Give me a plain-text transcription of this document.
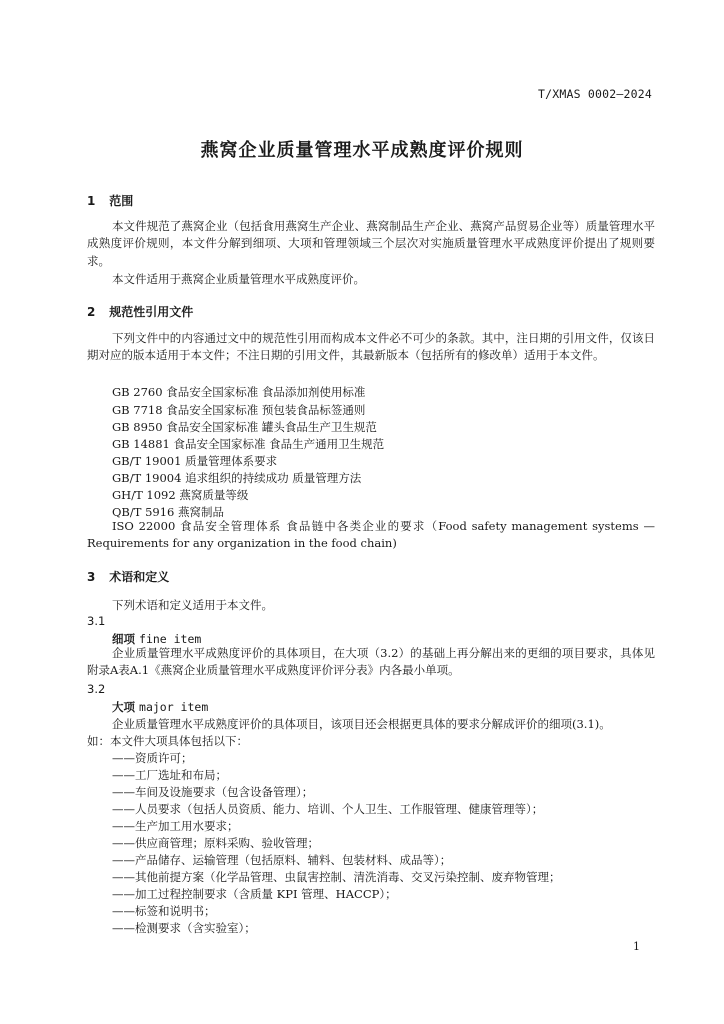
T/XMAS 0002—2024
燕窝企业质量管理水平成熟度评价规则
1 范围
本文件规范了燕窝企业（包括食用燕窝生产企业、燕窝制品生产企业、燕窝产品贸易企业等）质量管理水平成熟度评价规则，本文件分解到细项、大项和管理领域三个层次对实施质量管理水平成熟度评价提出了规则要求。
本文件适用于燕窝企业质量管理水平成熟度评价。
2 规范性引用文件
下列文件中的内容通过文中的规范性引用而构成本文件必不可少的条款。其中，注日期的引用文件，仅该日期对应的版本适用于本文件；不注日期的引用文件，其最新版本（包括所有的修改单）适用于本文件。
GB 2760 食品安全国家标准 食品添加剂使用标准
GB 7718 食品安全国家标准 预包装食品标签通则
GB 8950 食品安全国家标准 罐头食品生产卫生规范
GB 14881 食品安全国家标准 食品生产通用卫生规范
GB/T 19001 质量管理体系要求
GB/T 19004 追求组织的持续成功 质量管理方法
GH/T 1092 燕窝质量等级
QB/T 5916 燕窝制品
ISO 22000 食品安全管理体系 食品链中各类企业的要求（Food safety management systems — Requirements for any organization in the food chain)
3 术语和定义
下列术语和定义适用于本文件。
3.1
细项 fine item
企业质量管理水平成熟度评价的具体项目，在大项（3.2）的基础上再分解出来的更细的项目要求，具体见附录A表A.1《燕窝企业质量管理水平成熟度评价评分表》内各最小单项。
3.2
大项 major item
企业质量管理水平成熟度评价的具体项目，该项目还会根据更具体的要求分解成评价的细项(3.1)。
如：本文件大项具体包括以下：
——资质许可；
——工厂选址和布局；
——车间及设施要求（包含设备管理）；
——人员要求（包括人员资质、能力、培训、个人卫生、工作服管理、健康管理等）；
——生产加工用水要求；
——供应商管理；原料采购、验收管理；
——产品储存、运输管理（包括原料、辅料、包装材料、成品等）；
——其他前提方案（化学品管理、虫鼠害控制、清洗消毒、交叉污染控制、废弃物管理；
——加工过程控制要求（含质量 KPI 管理、HACCP）；
——标签和说明书；
——检测要求（含实验室）；
1
